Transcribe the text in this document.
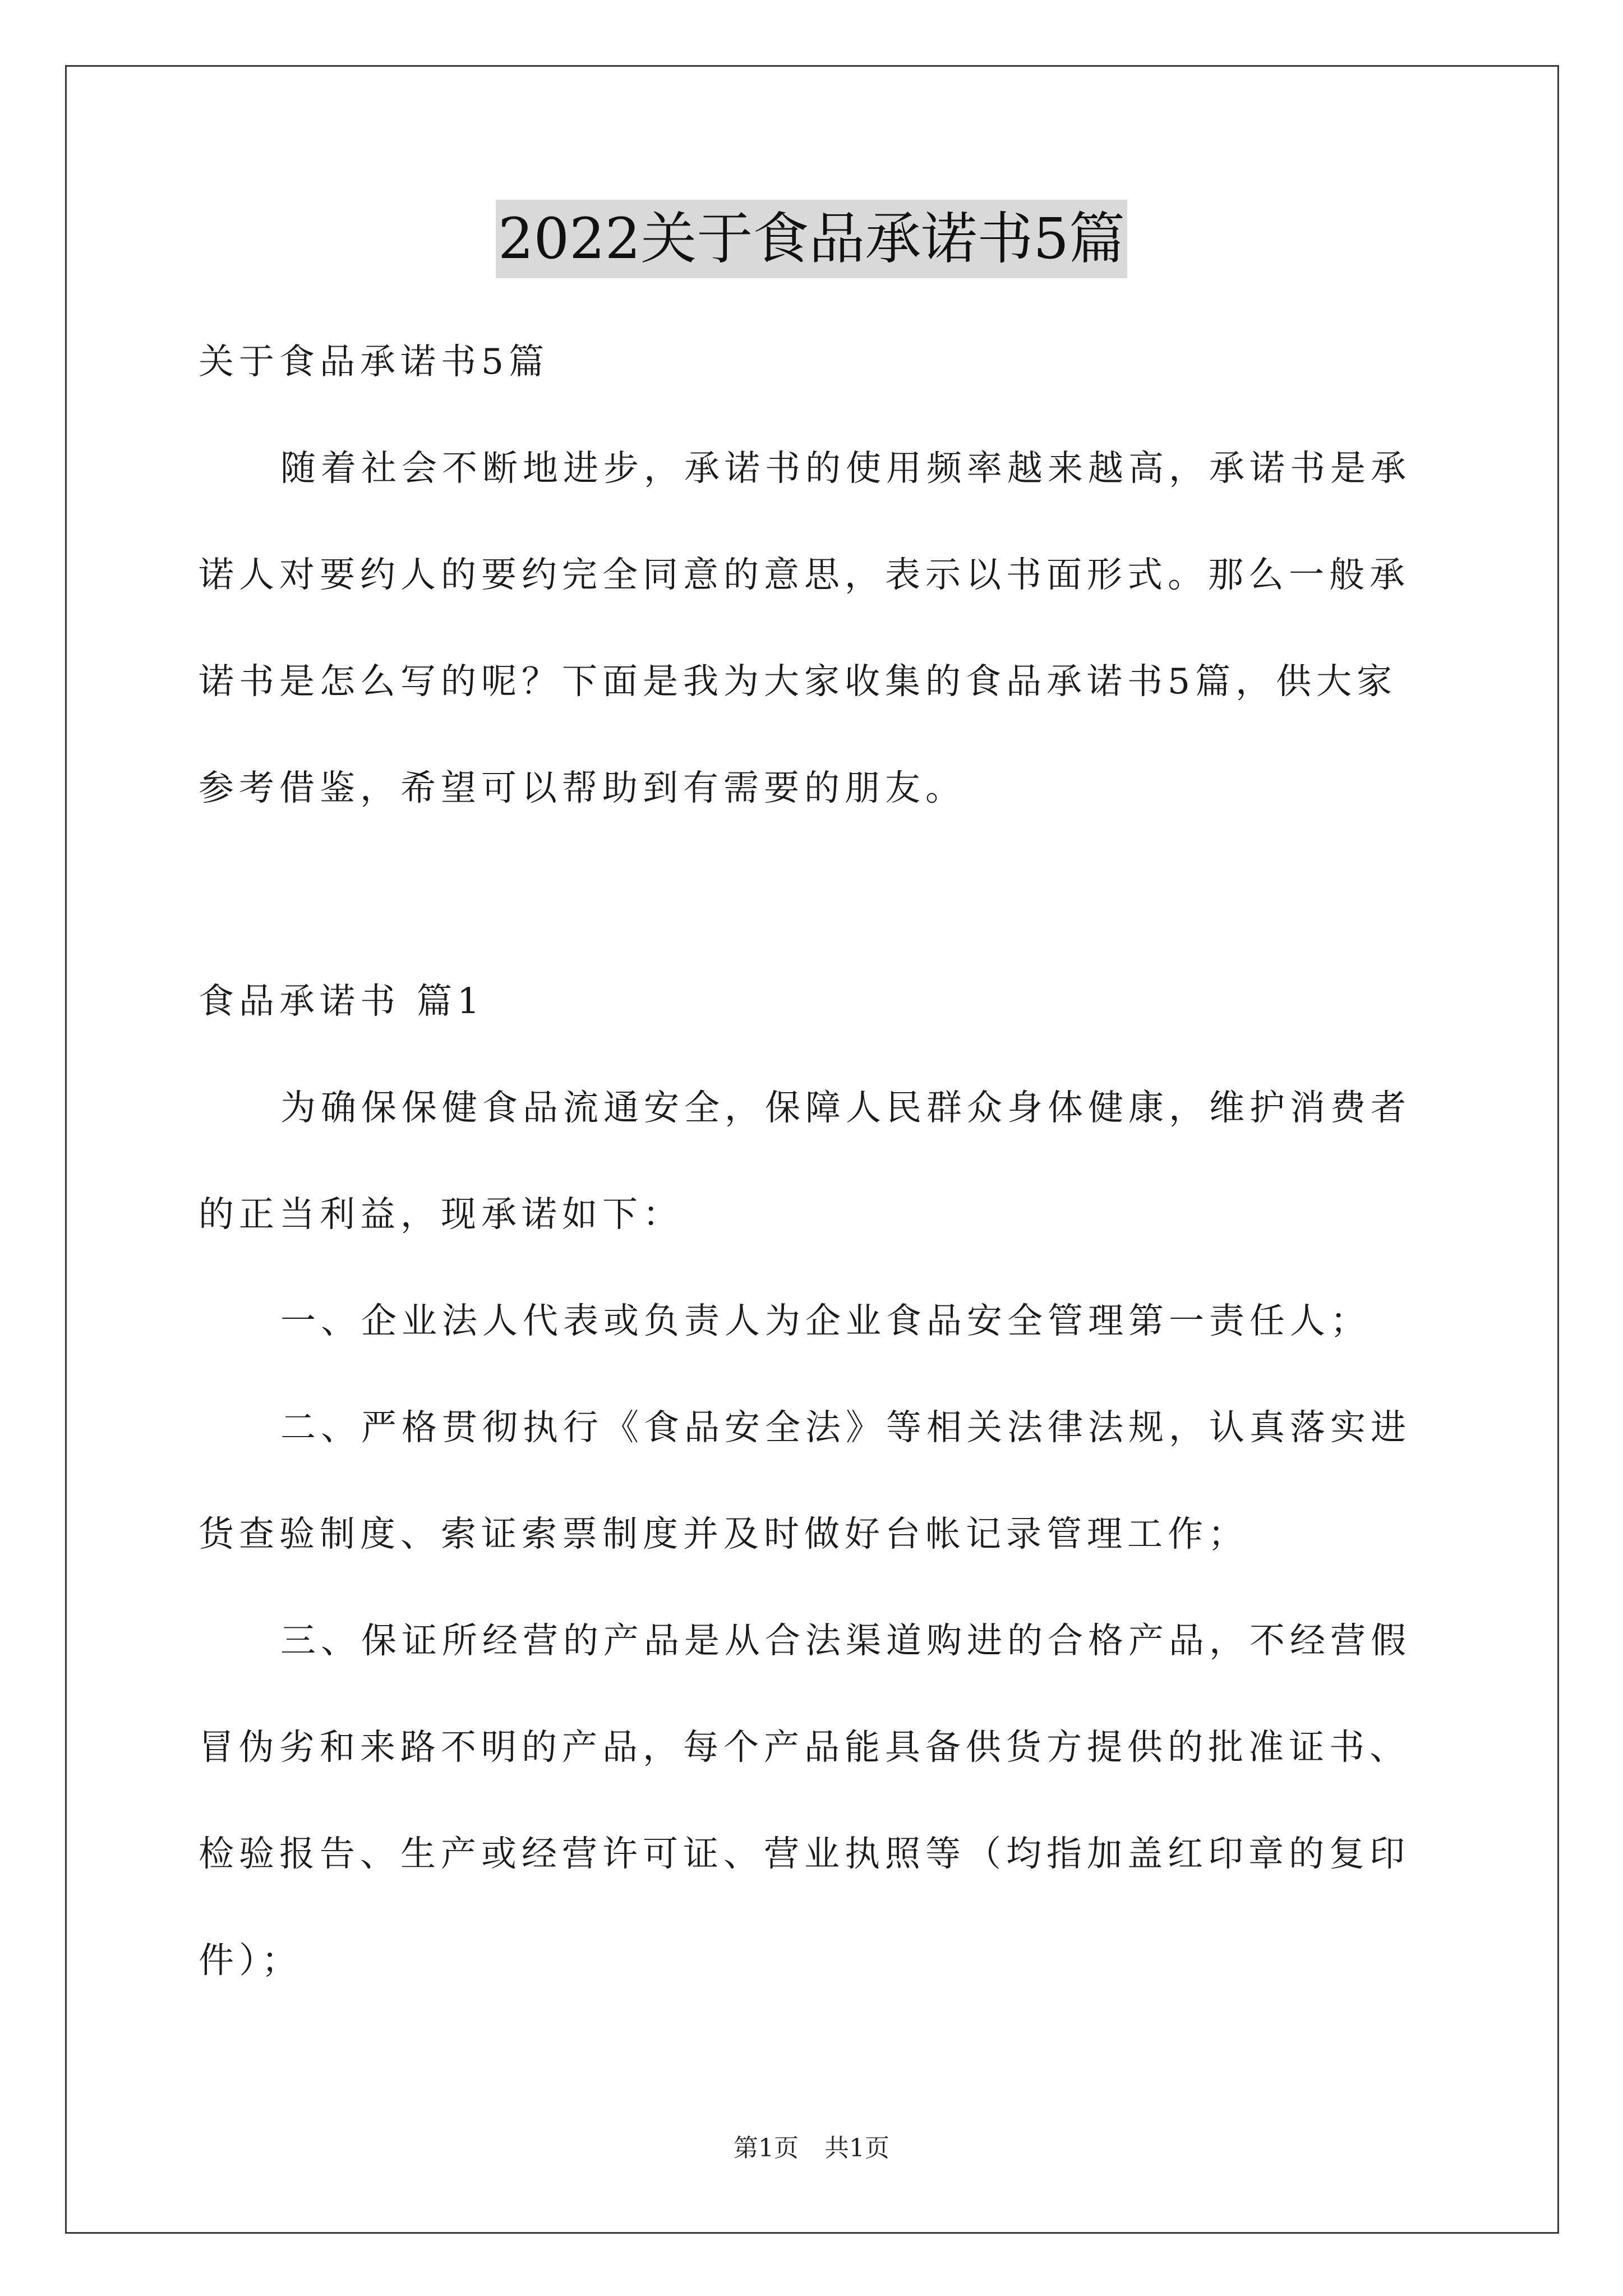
2022关于食品承诺书5篇
关于食品承诺书5篇
随着社会不断地进步，承诺书的使用频率越来越高，承诺书是承
诺人对要约人的要约完全同意的意思，表示以书面形式。那么一般承
诺书是怎么写的呢？下面是我为大家收集的食品承诺书5篇，供大家
参考借鉴，希望可以帮助到有需要的朋友。
食品承诺书 篇1
为确保保健食品流通安全，保障人民群众身体健康，维护消费者
的正当利益，现承诺如下：
一、企业法人代表或负责人为企业食品安全管理第一责任人；
二、严格贯彻执行《食品安全法》等相关法律法规，认真落实进
货查验制度、索证索票制度并及时做好台帐记录管理工作；
三、保证所经营的产品是从合法渠道购进的合格产品，不经营假
冒伪劣和来路不明的产品，每个产品能具备供货方提供的批准证书、
检验报告、生产或经营许可证、营业执照等（均指加盖红印章的复印
件）；
第1页 共1页
